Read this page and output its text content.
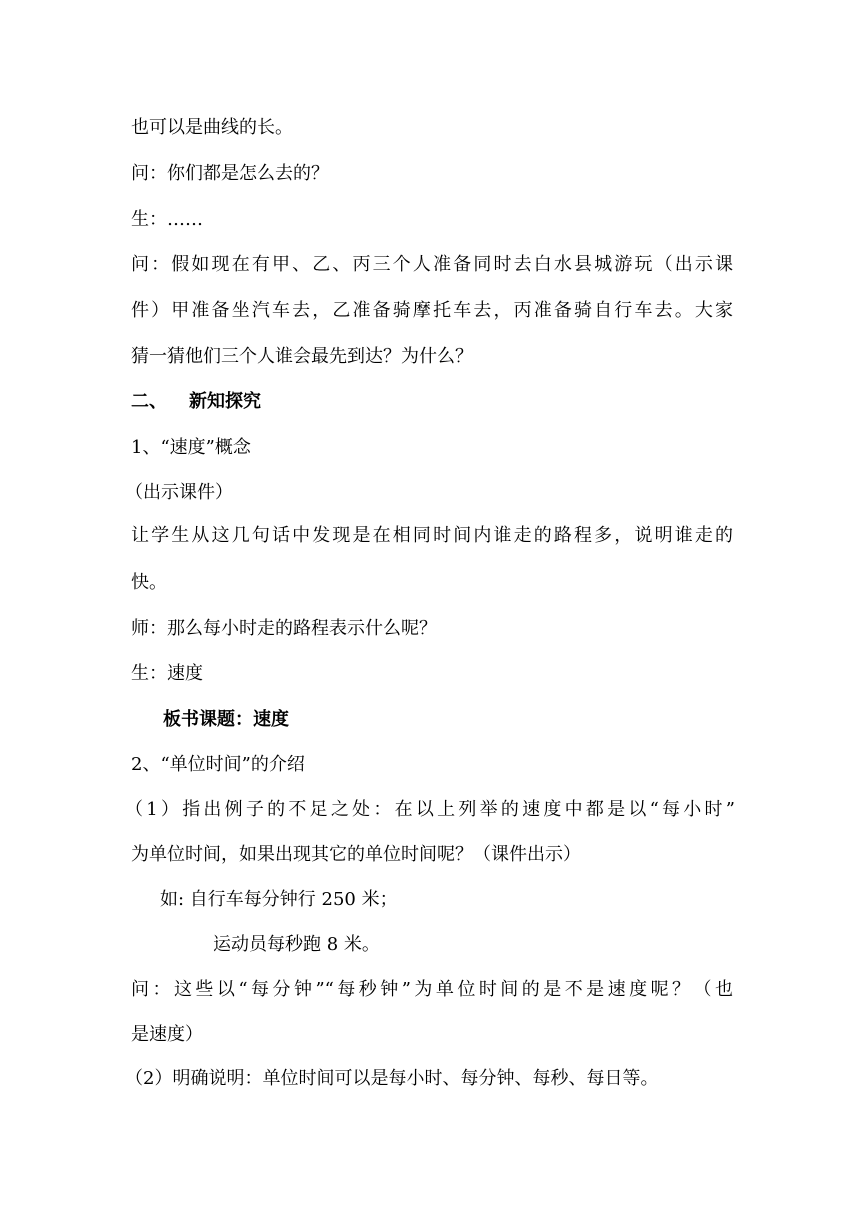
也可以是曲线的长。
问：你们都是怎么去的？
生：……
问：假如现在有甲、乙、丙三个人准备同时去白水县城游玩（出示课
件）甲准备坐汽车去，乙准备骑摩托车去，丙准备骑自行车去。大家
猜一猜他们三个人谁会最先到达？为什么？
二、 新知探究
1、“速度”概念
（出示课件）
让学生从这几句话中发现是在相同时间内谁走的路程多，说明谁走的
快。
师：那么每小时走的路程表示什么呢？
生：速度
板书课题：速度
2、“单位时间”的介绍
（1）指出例子的不足之处：在以上列举的速度中都是以“每小时”
为单位时间，如果出现其它的单位时间呢？（课件出示）
如: 自行车每分钟行 250 米；
运动员每秒跑 8 米。
问：这些以“每分钟”“每秒钟”为单位时间的是不是速度呢？（也
是速度）
（2）明确说明：单位时间可以是每小时、每分钟、每秒、每日等。
